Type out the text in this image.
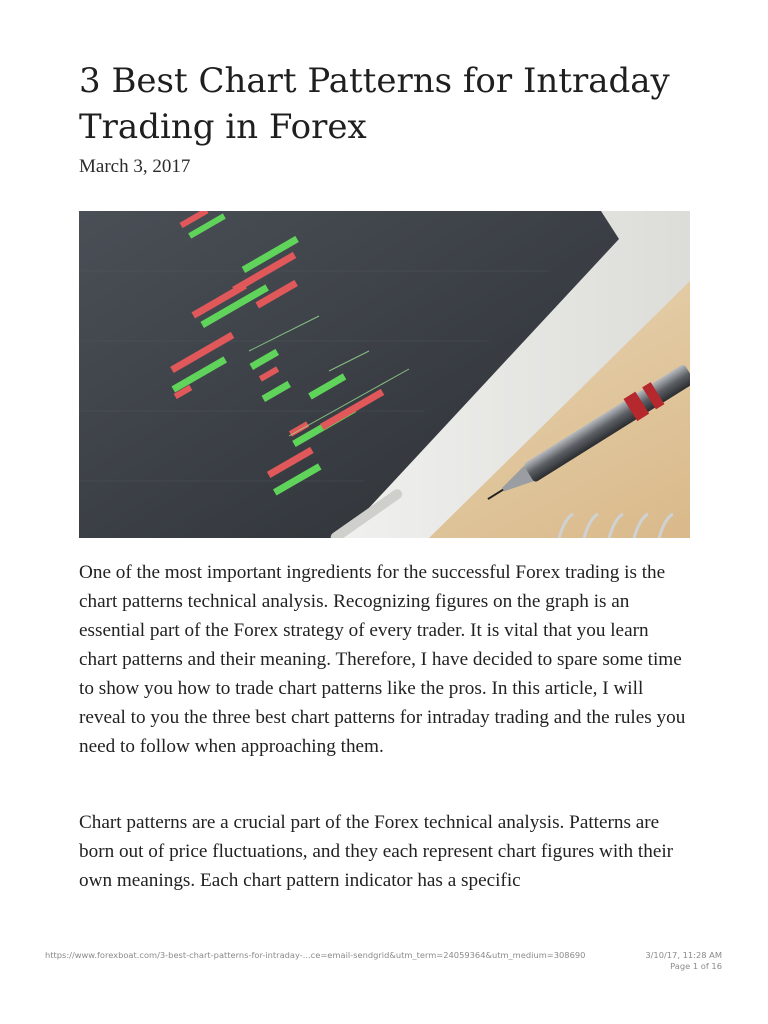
3 Best Chart Patterns for Intraday Trading in Forex
March 3, 2017

One of the most important ingredients for the successful Forex trading is the chart patterns technical analysis. Recognizing figures on the graph is an essential part of the Forex strategy of every trader. It is vital that you learn chart patterns and their meaning. Therefore, I have decided to spare some time to show you how to trade chart patterns like the pros. In this article, I will reveal to you the three best chart patterns for intraday trading and the rules you need to follow when approaching them.

Chart patterns are a crucial part of the Forex technical analysis. Patterns are born out of price fluctuations, and they each represent chart figures with their own meanings. Each chart pattern indicator has a specific

https://www.forexboat.com/3-best-chart-patterns-for-intraday-...ce=email-sendgrid&utm_term=24059364&utm_medium=308690	3/10/17, 11:28 AM
Page 1 of 16
